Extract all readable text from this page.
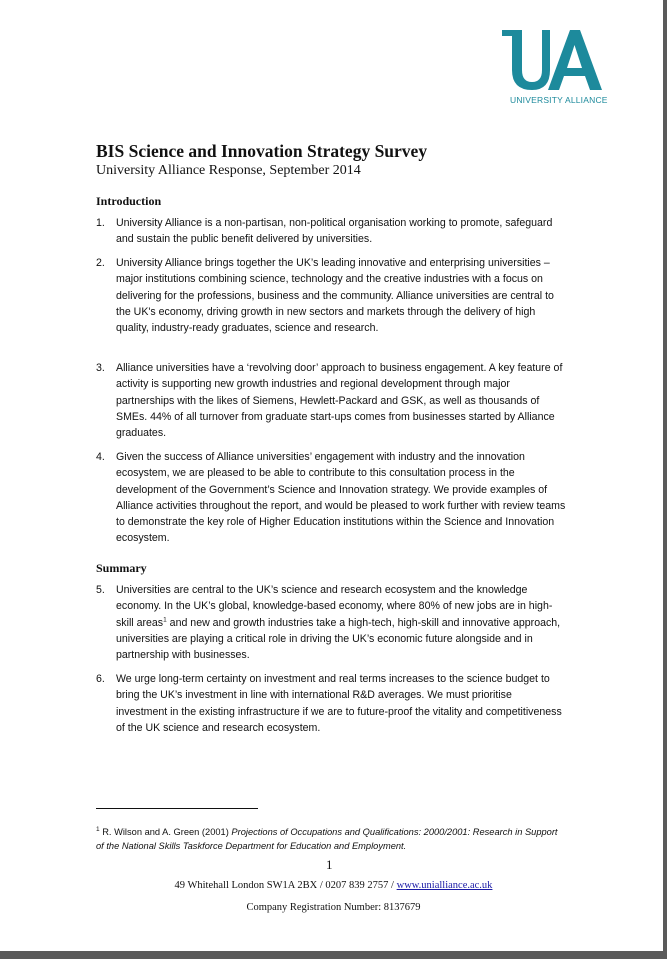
UNIVERSITY ALLIANCE
BIS Science and Innovation Strategy Survey
University Alliance Response, September 2014
Introduction
1. University Alliance is a non-partisan, non-political organisation working to promote, safeguard and sustain the public benefit delivered by universities.
2. University Alliance brings together the UK’s leading innovative and enterprising universities – major institutions combining science, technology and the creative industries with a focus on delivering for the professions, business and the community. Alliance universities are central to the UK's economy, driving growth in new sectors and markets through the delivery of high quality, industry-ready graduates, science and research.
3. Alliance universities have a ‘revolving door’ approach to business engagement. A key feature of activity is supporting new growth industries and regional development through major partnerships with the likes of Siemens, Hewlett-Packard and GSK, as well as thousands of SMEs. 44% of all turnover from graduate start-ups comes from businesses started by Alliance graduates.
4. Given the success of Alliance universities’ engagement with industry and the innovation ecosystem, we are pleased to be able to contribute to this consultation process in the development of the Government’s Science and Innovation strategy. We provide examples of Alliance activities throughout the report, and would be pleased to work further with review teams to demonstrate the key role of Higher Education institutions within the Science and Innovation ecosystem.
Summary
5. Universities are central to the UK’s science and research ecosystem and the knowledge economy. In the UK’s global, knowledge-based economy, where 80% of new jobs are in high-skill areas$^1$ and new and growth industries take a high-tech, high-skill and innovative approach, universities are playing a critical role in driving the UK’s economic future alongside and in partnership with businesses.
6. We urge long-term certainty on investment and real terms increases to the science budget to bring the UK’s investment in line with international R&D averages. We must prioritise investment in the existing infrastructure if we are to future-proof the vitality and competitiveness of the UK science and research ecosystem.
$^1$ R. Wilson and A. Green (2001) Projections of Occupations and Qualifications: 2000/2001: Research in Support of the National Skills Taskforce Department for Education and Employment.
1
49 Whitehall London SW1A 2BX / 0207 839 2757 / www.unialliance.ac.uk
Company Registration Number: 8137679
